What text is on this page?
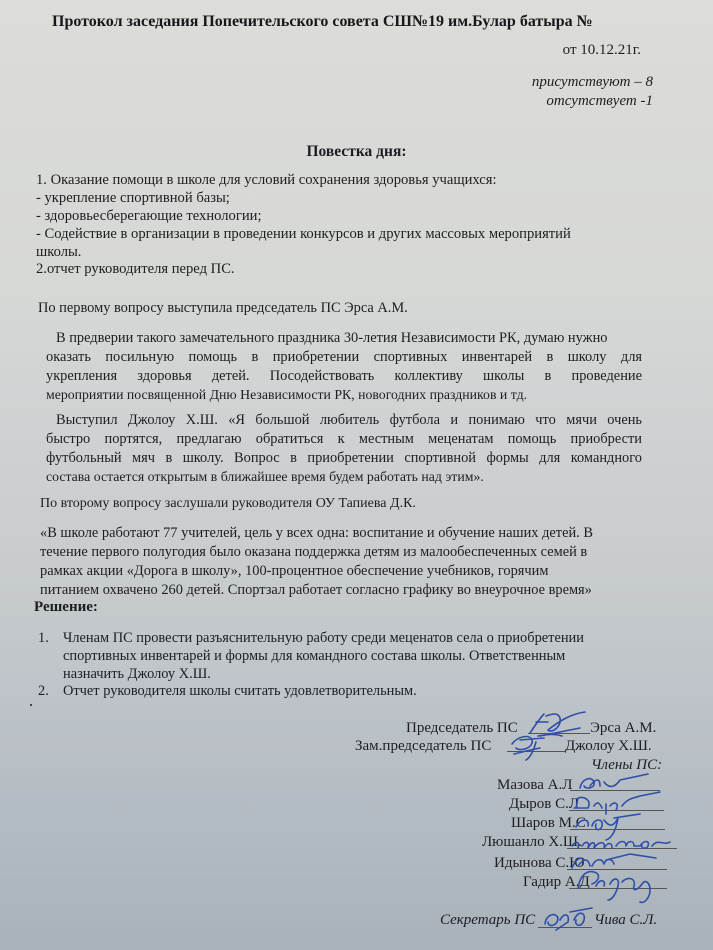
Протокол заседания Попечительского совета СШ№19 им.Булар батыра №
от 10.12.21г.
присутствуют – 8
отсутствует -1
Повестка дня:
1. Оказание помощи в школе для условий сохранения здоровья учащихся:
- укрепление спортивной базы;
- здоровьесберегающие технологии;
- Содействие в организации в проведении конкурсов и других массовых мероприятий
школы.
2.отчет руководителя перед ПС.
По первому вопросу выступила председатель ПС Эрса А.М.
В предверии такого замечательного праздника 30-летия Независимости РК, думаю нужно
оказать посильную помощь в приобретении спортивных инвентарей в школу для
укрепления здоровья детей. Посодействовать коллективу школы в проведение
мероприятии посвященной Дню Независимости РК, новогодних праздников и тд.
Выступил Джолоу Х.Ш. «Я большой любитель футбола и понимаю что мячи очень
быстро портятся, предлагаю обратиться к местным меценатам помощь приобрести
футбольный мяч в школу. Вопрос в приобретении спортивной формы для командного
состава остается открытым в ближайшее время будем работать над этим».
По второму вопросу заслушали руководителя ОУ Тапиева Д.К.
«В школе работают 77 учителей, цель у всех одна: воспитание и обучение наших детей. В
течение первого полугодия было оказана поддержка детям из малообеспеченных семей в
рамках акции «Дорога в школу», 100-процентное обеспечение учебников, горячим
питанием охвачено 260 детей. Спортзал работает согласно графику во внеурочное время»
Решение:
1. Членам ПС провести разъяснительную работу среди меценатов села о приобретении
спортивных инвентарей и формы для командного состава школы. Ответственным
назначить Джолоу Х.Ш.
2. Отчет руководителя школы считать удовлетворительным.
Председатель ПС	Эрса А.М.
Зам.председатель ПС	Джолоу Х.Ш.
Члены ПС:
Мазова А.Л
Дыров С.Л
Шаров М.С
Люшанло Х.Ш.
Идынова С.Ю
Гадир А.Д
Секретарь ПС	Чива С.Л.
